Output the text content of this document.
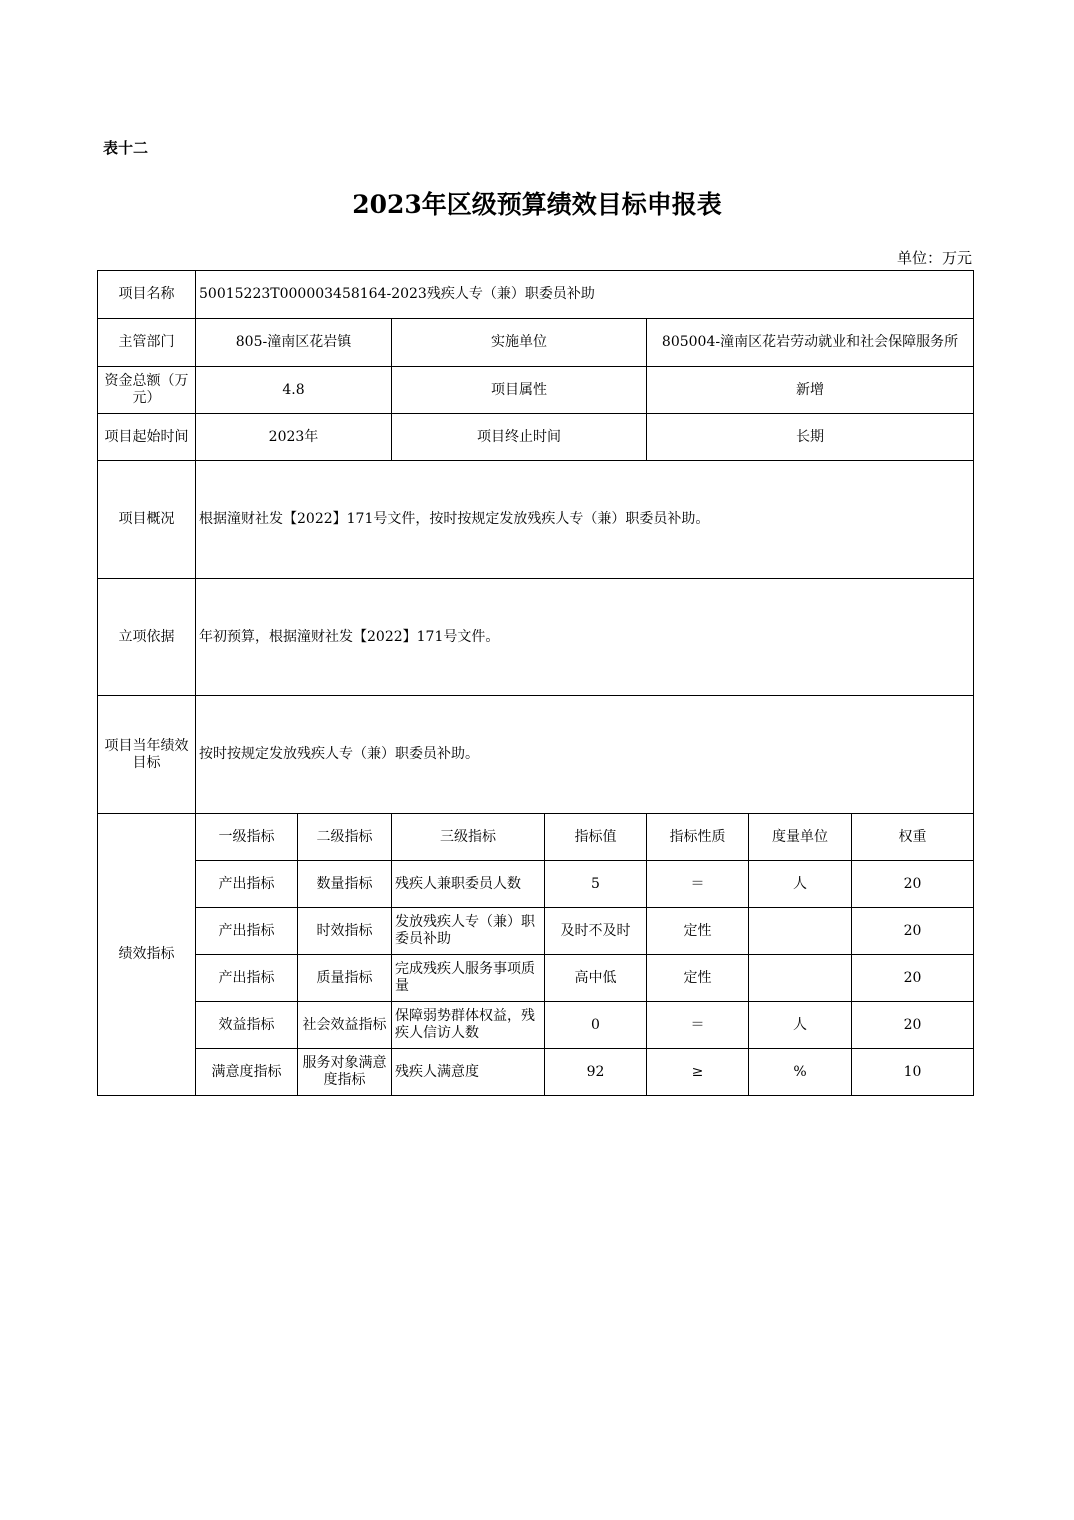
表十二
2023年区级预算绩效目标申报表
单位：万元
项目名称	50015223T000003458164-2023残疾人专（兼）职委员补助						
主管部门	805-潼南区花岩镇		实施单位		805004-潼南区花岩劳动就业和社会保障服务所		
资金总额（万元）	4.8		项目属性		新增		
项目起始时间	2023年		项目终止时间		长期		
项目概况	根据潼财社发【2022】171号文件，按时按规定发放残疾人专（兼）职委员补助。						
立项依据	年初预算，根据潼财社发【2022】171号文件。						
项目当年绩效目标	按时按规定发放残疾人专（兼）职委员补助。						
绩效指标	一级指标	二级指标	三级指标	指标值	指标性质	度量单位	权重
	产出指标	数量指标	残疾人兼职委员人数	5	＝	人	20
	产出指标	时效指标	发放残疾人专（兼）职委员补助	及时不及时	定性		20
	产出指标	质量指标	完成残疾人服务事项质量	高中低	定性		20
	效益指标	社会效益指标	保障弱势群体权益，残疾人信访人数	0	＝	人	20
	满意度指标	服务对象满意度指标	残疾人满意度	92	≥	%	10
